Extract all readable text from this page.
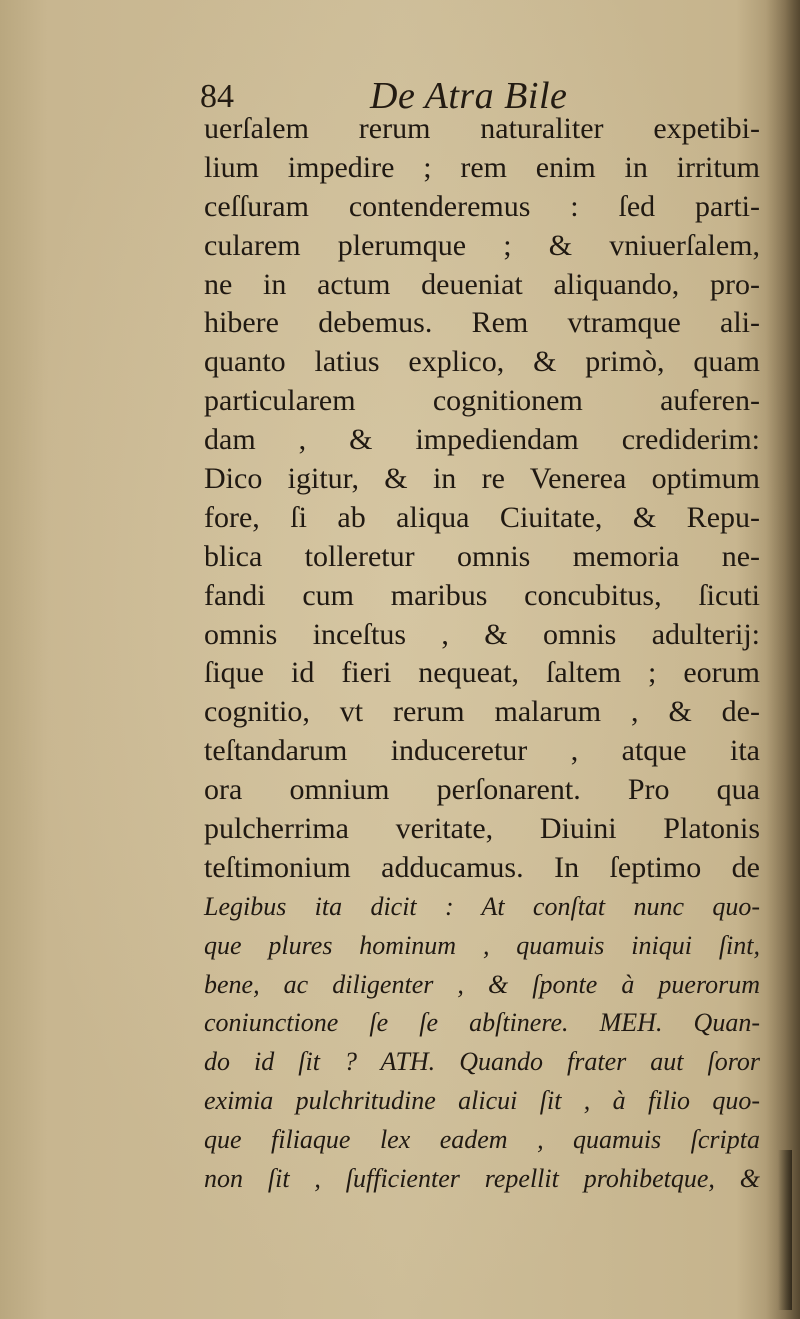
84	De Atra Bile
uerſalem rerum naturaliter expetibi-
lium impedire ; rem enim in irritum
ceſſuram contenderemus : ſed parti-
cularem plerumque ; & vniuerſalem,
ne in actum deueniat aliquando, pro-
hibere debemus. Rem vtramque ali-
quanto latius explico, & primò, quam
particularem cognitionem auferen-
dam , & impediendam crediderim:
Dico igitur, & in re Venerea optimum
fore, ſi ab aliqua Ciuitate, & Repu-
blica tolleretur omnis memoria ne-
fandi cum maribus concubitus, ſicuti
omnis inceſtus , & omnis adulterij:
ſique id fieri nequeat, ſaltem ; eorum
cognitio, vt rerum malarum , & de-
teſtandarum induceretur , atque ita
ora omnium perſonarent. Pro qua
pulcherrima veritate, Diuini Platonis
teſtimonium adducamus. In ſeptimo de
Legibus ita dicit : At conſtat nunc quo-
que plures hominum , quamuis iniqui ſint,
bene, ac diligenter , & ſponte à puerorum
coniunctione ſe ſe abſtinere. MEH. Quan-
do id ſit ? ATH. Quando frater aut ſoror
eximia pulchritudine alicui ſit , à filio quo-
que filiaque lex eadem , quamuis ſcripta
non ſit , ſufficienter repellit prohibetque, &
